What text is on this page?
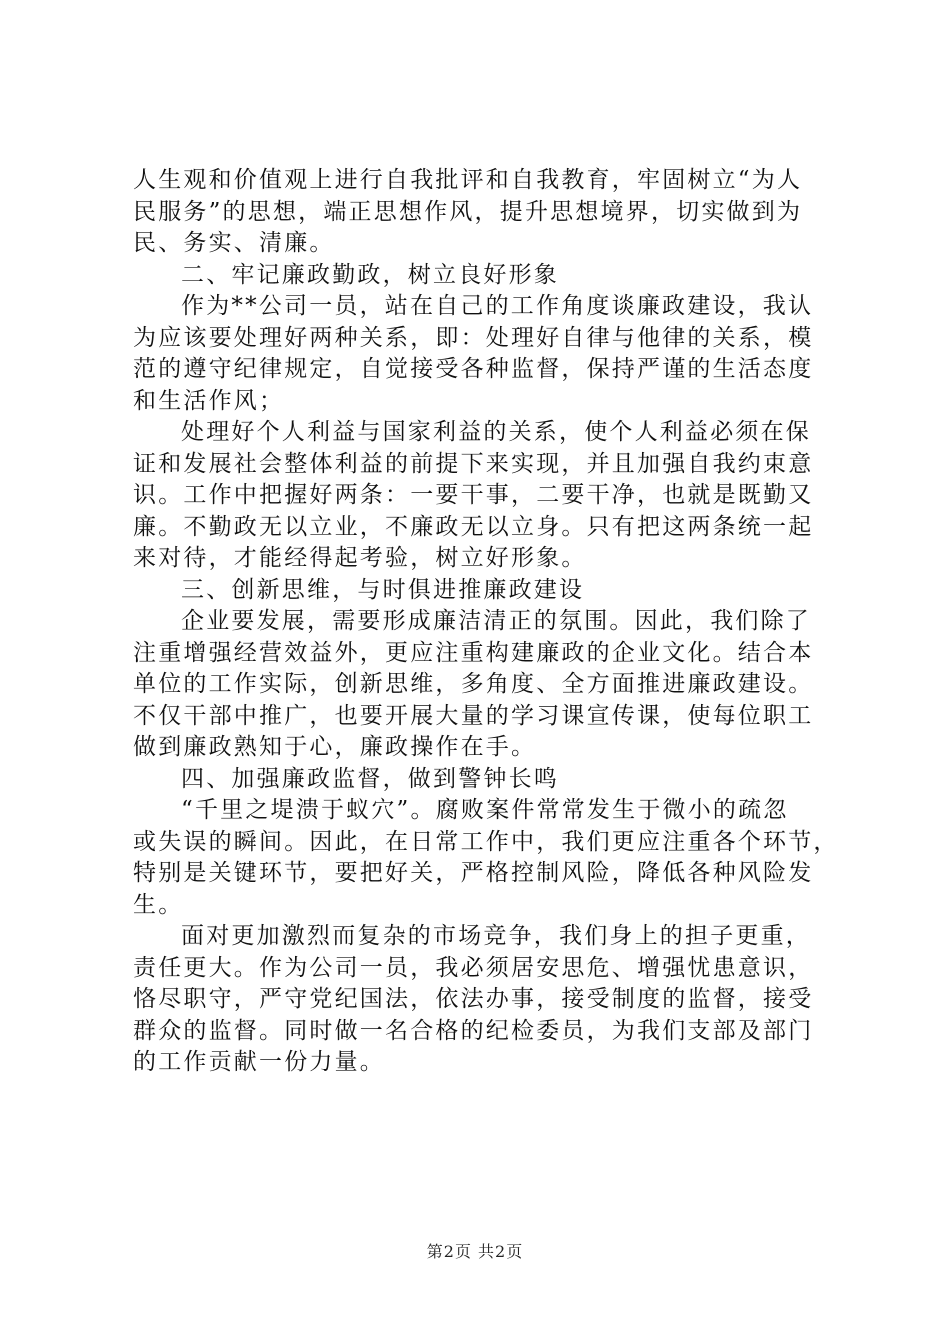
人生观和价值观上进行自我批评和自我教育，牢固树立“为人
民服务”的思想，端正思想作风，提升思想境界，切实做到为
民、务实、清廉。
二、牢记廉政勤政，树立良好形象
作为**公司一员，站在自己的工作角度谈廉政建设，我认
为应该要处理好两种关系，即：处理好自律与他律的关系，模
范的遵守纪律规定，自觉接受各种监督，保持严谨的生活态度
和生活作风；
处理好个人利益与国家利益的关系，使个人利益必须在保
证和发展社会整体利益的前提下来实现，并且加强自我约束意
识。工作中把握好两条：一要干事，二要干净，也就是既勤又
廉。不勤政无以立业，不廉政无以立身。只有把这两条统一起
来对待，才能经得起考验，树立好形象。
三、创新思维，与时俱进推廉政建设
企业要发展，需要形成廉洁清正的氛围。因此，我们除了
注重增强经营效益外，更应注重构建廉政的企业文化。结合本
单位的工作实际，创新思维，多角度、全方面推进廉政建设。
不仅干部中推广，也要开展大量的学习课宣传课，使每位职工
做到廉政熟知于心，廉政操作在手。
四、加强廉政监督，做到警钟长鸣
“千里之堤溃于蚁穴”。腐败案件常常发生于微小的疏忽
或失误的瞬间。因此，在日常工作中，我们更应注重各个环节，
特别是关键环节，要把好关，严格控制风险，降低各种风险发
生。
面对更加激烈而复杂的市场竞争，我们身上的担子更重，
责任更大。作为公司一员，我必须居安思危、增强忧患意识，
恪尽职守，严守党纪国法，依法办事，接受制度的监督，接受
群众的监督。同时做一名合格的纪检委员，为我们支部及部门
的工作贡献一份力量。
第2页 共2页
